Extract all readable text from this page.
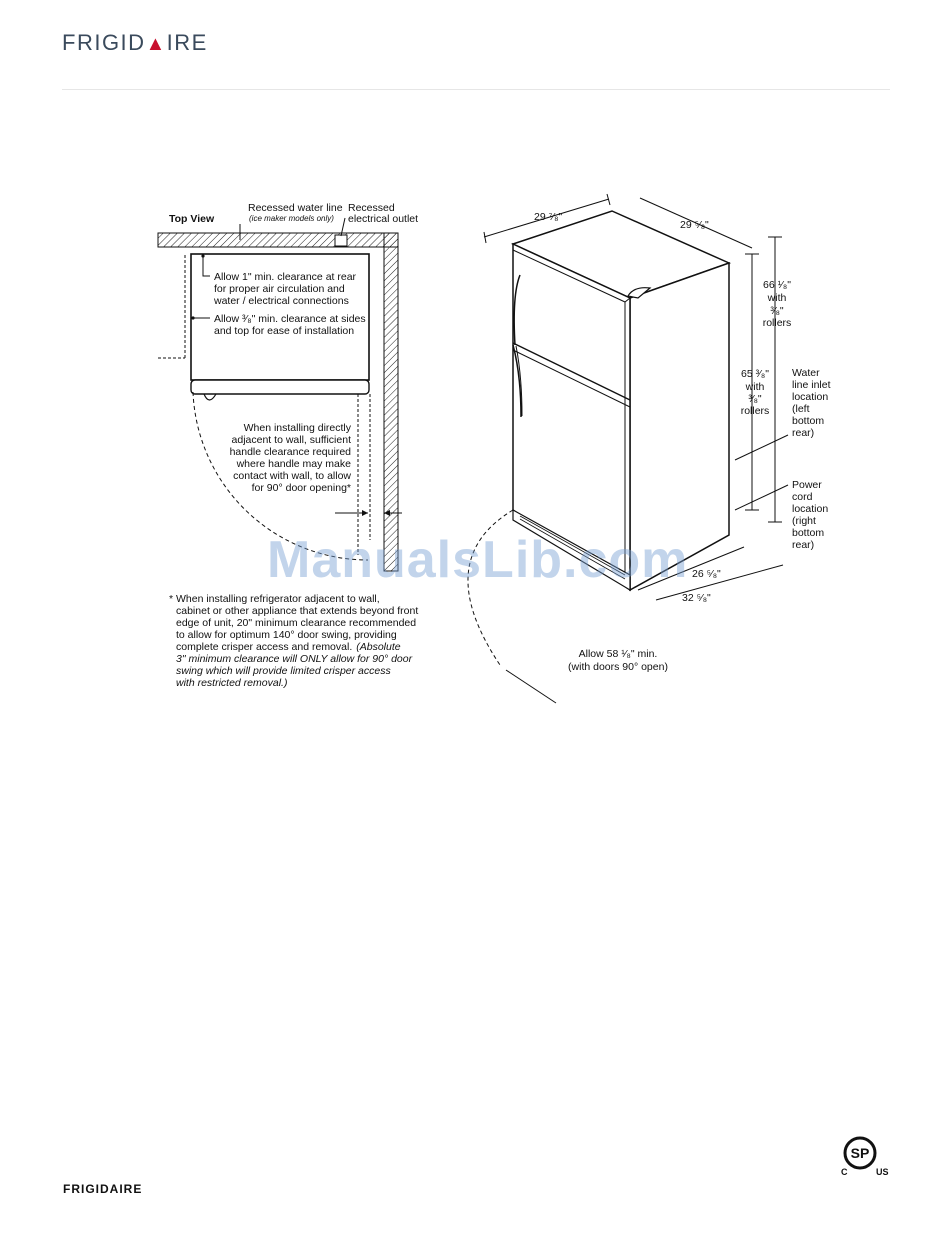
FRIGID▲IRE
Top View
Recessed water line
(ice maker models only)
Recessed
electrical outlet
Allow 1" min. clearance at rear
for proper air circulation and
water / electrical connections
Allow ³⁄₈" min. clearance at sides
and top for ease of installation
When installing directly
adjacent to wall, sufficient
handle clearance required
where handle may make
contact with wall, to allow
for 90° door opening*
* When installing refrigerator adjacent to wall,
cabinet or other appliance that extends beyond front
edge of unit, 20" minimum clearance recommended
to allow for optimum 140° door swing, providing
complete crisper access and removal. (Absolute
3" minimum clearance will ONLY allow for 90° door
swing which will provide limited crisper access
with restricted removal.)
29 ⁷⁄₈"
29 ⁵⁄₈"
66 ¹⁄₈"
with
³⁄₈"
rollers
65 ³⁄₈"
with
³⁄₈"
rollers
26 ⁵⁄₈"
32 ⁵⁄₈"
Allow 58 ¹⁄₈" min.
(with doors 90° open)
Water
line inlet
location
(left
bottom
rear)
Power
cord
location
(right
bottom
rear)
ManualsLib.com
SP
C	US
FRIGIDAIRE
